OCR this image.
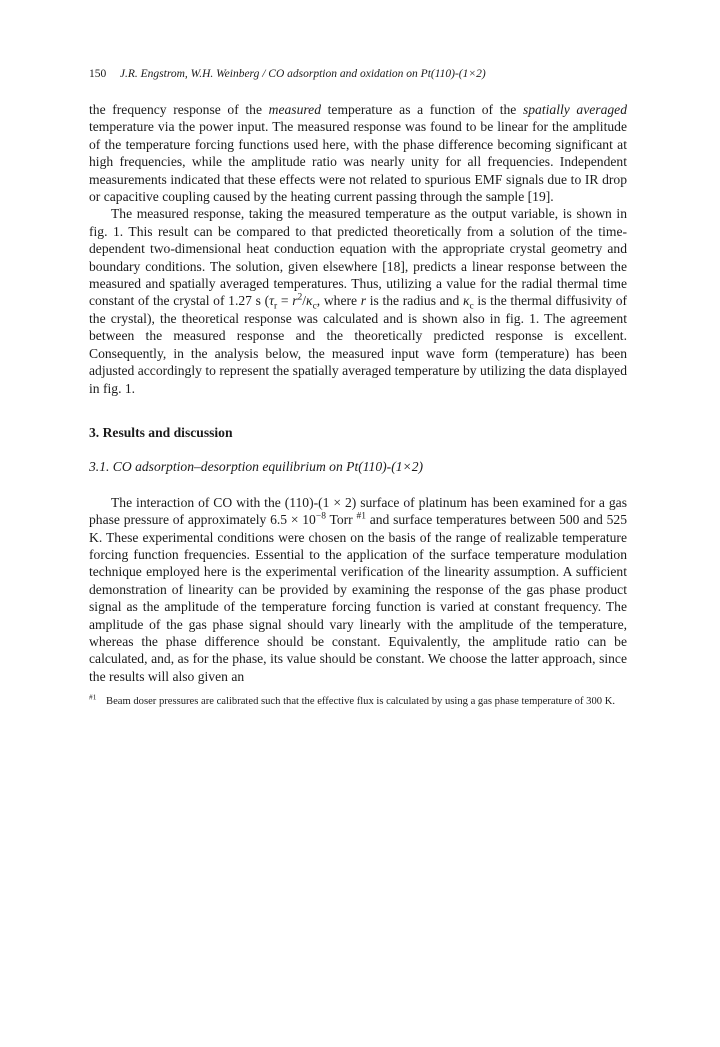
150 J.R. Engstrom, W.H. Weinberg / CO adsorption and oxidation on Pt(110)-(1×2)

the frequency response of the measured temperature as a function of the spatially averaged temperature via the power input. The measured response was found to be linear for the amplitude of the temperature forcing functions used here, with the phase difference becoming significant at high frequencies, while the amplitude ratio was nearly unity for all frequencies. Independent measurements indicated that these effects were not related to spurious EMF signals due to IR drop or capacitive coupling caused by the heating current passing through the sample [19].

The measured response, taking the measured temperature as the output variable, is shown in fig. 1. This result can be compared to that predicted theoretically from a solution of the time-dependent two-dimensional heat conduction equation with the appropriate crystal geometry and boundary conditions. The solution, given elsewhere [18], predicts a linear response between the measured and spatially averaged temperatures. Thus, utilizing a value for the radial thermal time constant of the crystal of 1.27 s ($\tau_r = r^2/\kappa_c$, where r is the radius and $\kappa_c$ is the thermal diffusivity of the crystal), the theoretical response was calculated and is shown also in fig. 1. The agreement between the measured response and the theoretically predicted response is excellent. Consequently, in the analysis below, the measured input wave form (temperature) has been adjusted accordingly to represent the spatially averaged temperature by utilizing the data displayed in fig. 1.

3. Results and discussion
3.1. CO adsorption–desorption equilibrium on Pt(110)-(1×2)

The interaction of CO with the (110)-(1 × 2) surface of platinum has been examined for a gas phase pressure of approximately $6.5 \times 10^{-8}$ Torr $^{\#1}$ and surface temperatures between 500 and 525 K. These experimental conditions were chosen on the basis of the range of realizable temperature forcing function frequencies. Essential to the application of the surface temperature modulation technique employed here is the experimental verification of the linearity assumption. A sufficient demonstration of linearity can be provided by examining the response of the gas phase product signal as the amplitude of the temperature forcing function is varied at constant frequency. The amplitude of the gas phase signal should vary linearly with the amplitude of the temperature, whereas the phase difference should be constant. Equivalently, the amplitude ratio can be calculated, and, as for the phase, its value should be constant. We choose the latter approach, since the results will also given an

$^{\#1}$ Beam doser pressures are calibrated such that the effective flux is calculated by using a gas phase temperature of 300 K.
